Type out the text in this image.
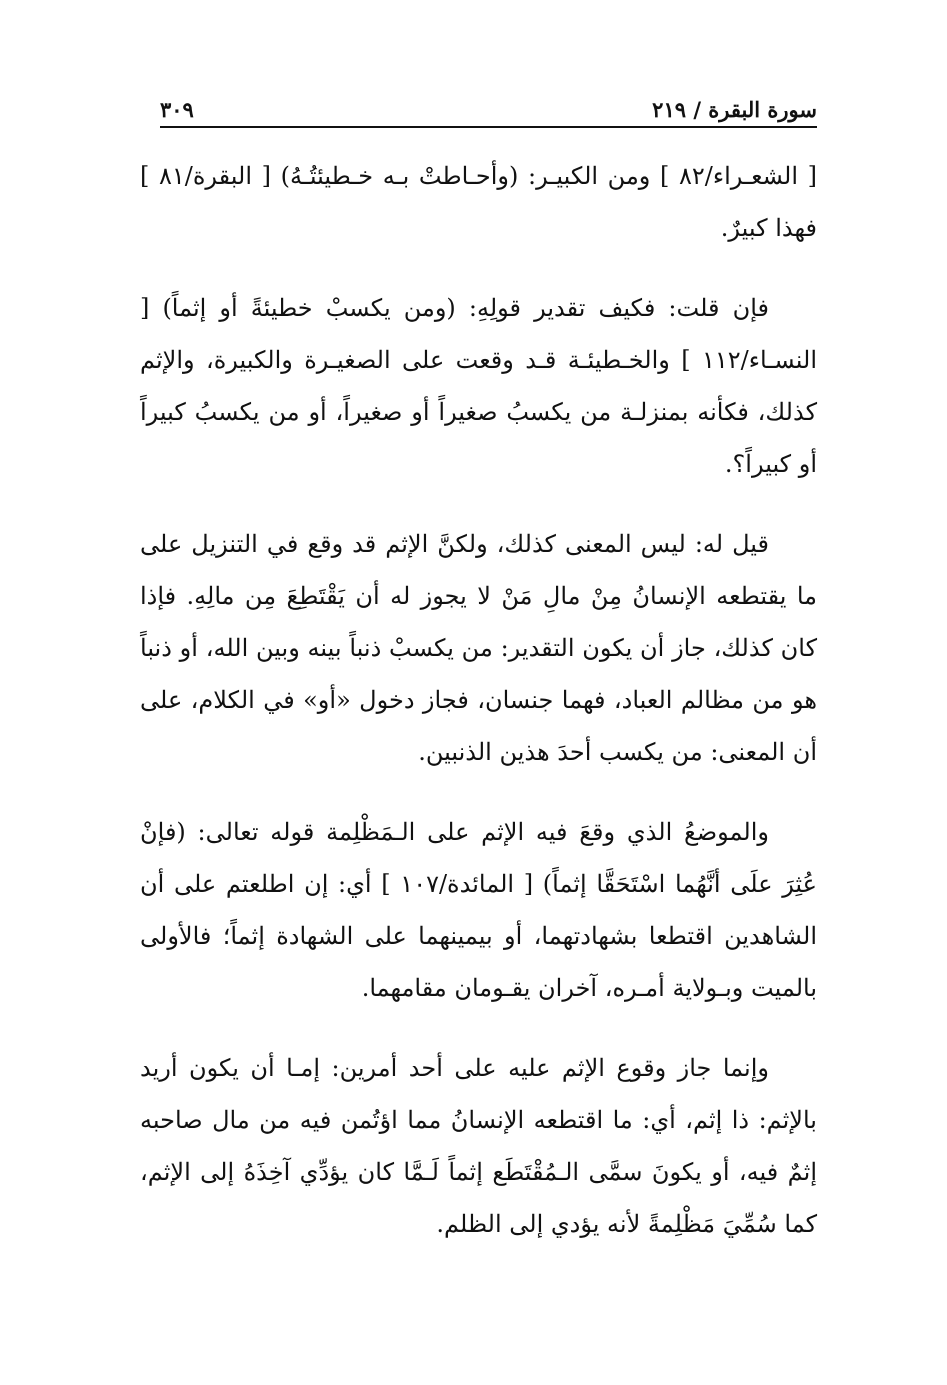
٣٠٩	سورة البقرة / ٢١٩

[ الشعـراء/٨٢ ] ومن الكبيـر: (وأحـاطتْ بـه خـطيئتُـهُ) [ البقرة/٨١ ] فهذا كبيرٌ.

فإن قلت: فكيف تقدير قولِهِ: (ومن يكسبْ خطيئةً أو إثماً) [ النسـاء/١١٢ ] والخـطيئـة قـد وقعت على الصغيـرة والكبيرة، والإثم كذلك، فكأنه بمنزلـة من يكسبُ صغيراً أو صغيراً، أو من يكسبُ كبيراً أو كبيراً؟.

قيل له: ليس المعنى كذلك، ولكنَّ الإثم قد وقع في التنزيل على ما يقتطعه الإنسانُ مِنْ مالِ مَنْ لا يجوز له أن يَقْتَطِعَ مِن مالِهِ. فإذا كان كذلك، جاز أن يكون التقدير: من يكسبْ ذنباً بينه وبين الله، أو ذنباً هو من مظالم العباد، فهما جنسان، فجاز دخول «أو» في الكلام، على أن المعنى: من يكسب أحدَ هذين الذنبين.

والموضعُ الذي وقعَ فيه الإثم على الـمَظْلِمة قوله تعالى: (فإنْ عُثِرَ علَى أنَّهُما اسْتَحَقَّا إثماً) [ المائدة/١٠٧ ] أي: إن اطلعتم على أن الشاهدين اقتطعا بشهادتهما، أو بيمينهما على الشهادة إثماً؛ فالأولى بالميت وبـولاية أمـره، آخران يقـومان مقامهما.

وإنما جاز وقوع الإثم عليه على أحد أمرين: إمـا أن يكون أريد بالإثم: ذا إثم، أي: ما اقتطعه الإنسانُ مما اؤتُمن فيه من مال صاحبه إثمٌ فيه، أو يكونَ سمَّى الـمُقْتَطَع إثماً لَـمَّا كان يؤدِّي آخِذَهُ إلى الإثم، كما سُمِّيَ مَظْلِمةً لأنه يؤدي إلى الظلم.
